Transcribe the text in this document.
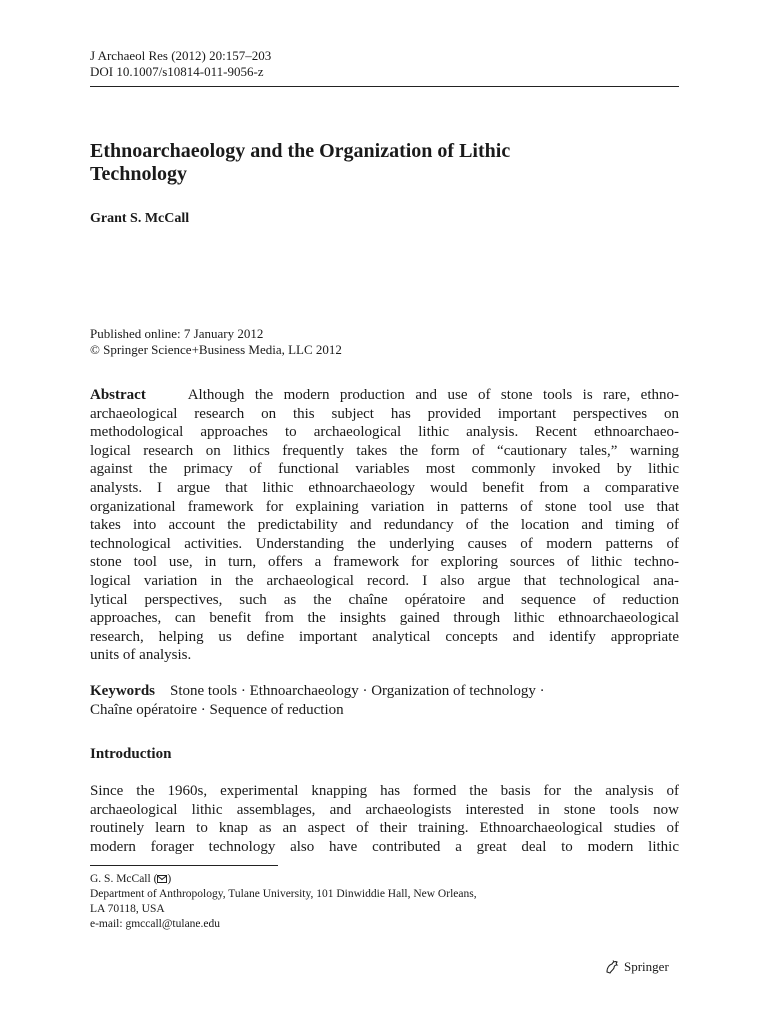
J Archaeol Res (2012) 20:157–203
DOI 10.1007/s10814-011-9056-z
Ethnoarchaeology and the Organization of Lithic
Technology
Grant S. McCall
Published online: 7 January 2012
© Springer Science+Business Media, LLC 2012
Abstract	Although the modern production and use of stone tools is rare, ethno-
archaeological research on this subject has provided important perspectives on
methodological approaches to archaeological lithic analysis. Recent ethnoarchaeo-
logical research on lithics frequently takes the form of “cautionary tales,” warning
against the primacy of functional variables most commonly invoked by lithic
analysts. I argue that lithic ethnoarchaeology would benefit from a comparative
organizational framework for explaining variation in patterns of stone tool use that
takes into account the predictability and redundancy of the location and timing of
technological activities. Understanding the underlying causes of modern patterns of
stone tool use, in turn, offers a framework for exploring sources of lithic techno-
logical variation in the archaeological record. I also argue that technological ana-
lytical perspectives, such as the chaîne opératoire and sequence of reduction
approaches, can benefit from the insights gained through lithic ethnoarchaeological
research, helping us define important analytical concepts and identify appropriate
units of analysis.
Keywords Stone tools · Ethnoarchaeology · Organization of technology ·
Chaîne opératoire · Sequence of reduction
Introduction
Since the 1960s, experimental knapping has formed the basis for the analysis of
archaeological lithic assemblages, and archaeologists interested in stone tools now
routinely learn to knap as an aspect of their training. Ethnoarchaeological studies of
modern forager technology also have contributed a great deal to modern lithic
G. S. McCall ( )
Department of Anthropology, Tulane University, 101 Dinwiddie Hall, New Orleans,
LA 70118, USA
e-mail: gmccall@tulane.edu
Springer
